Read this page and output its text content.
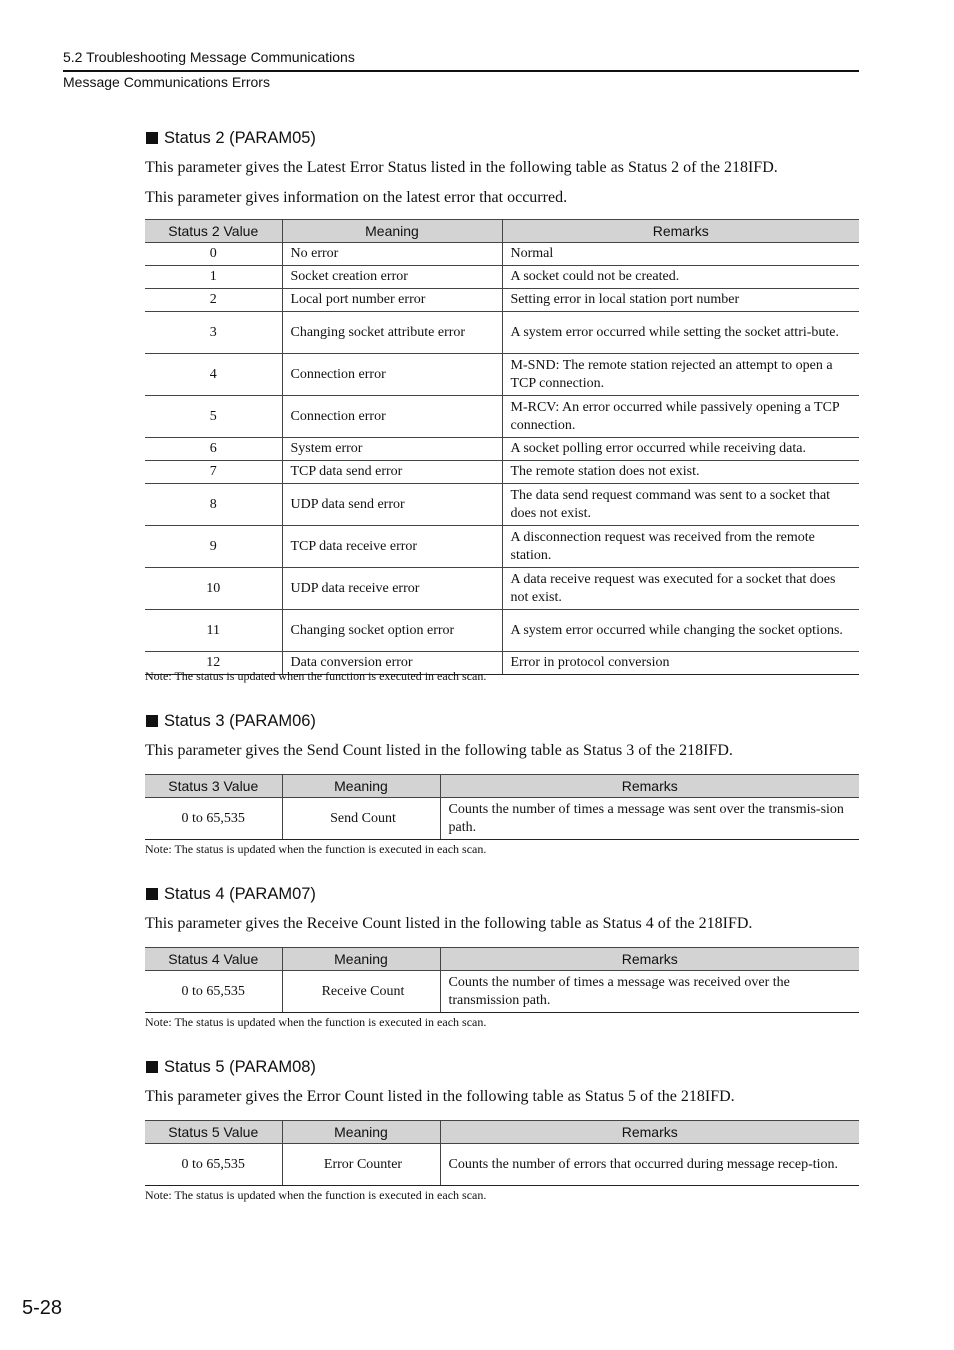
5.2 Troubleshooting Message Communications
Message Communications Errors
Status 2 (PARAM05)
This parameter gives the Latest Error Status listed in the following table as Status 2 of the 218IFD.
This parameter gives information on the latest error that occurred.
Status 2 Value	Meaning	Remarks
0	No error	Normal
1	Socket creation error	A socket could not be created.
2	Local port number error	Setting error in local station port number
3	Changing socket attribute error	A system error occurred while setting the socket attri-bute.
4	Connection error	M-SND: The remote station rejected an attempt to open a TCP connection.
5	Connection error	M-RCV: An error occurred while passively opening a TCP connection.
6	System error	A socket polling error occurred while receiving data.
7	TCP data send error	The remote station does not exist.
8	UDP data send error	The data send request command was sent to a socket that does not exist.
9	TCP data receive error	A disconnection request was received from the remote station.
10	UDP data receive error	A data receive request was executed for a socket that does not exist.
11	Changing socket option error	A system error occurred while changing the socket options.
12	Data conversion error	Error in protocol conversion
Note: The status is updated when the function is executed in each scan.
Status 3 (PARAM06)
This parameter gives the Send Count listed in the following table as Status 3 of the 218IFD.
Status 3 Value	Meaning	Remarks
0 to 65,535	Send Count	Counts the number of times a message was sent over the transmis-sion path.
Note: The status is updated when the function is executed in each scan.
Status 4 (PARAM07)
This parameter gives the Receive Count listed in the following table as Status 4 of the 218IFD.
Status 4 Value	Meaning	Remarks
0 to 65,535	Receive Count	Counts the number of times a message was received over the transmission path.
Note: The status is updated when the function is executed in each scan.
Status 5 (PARAM08)
This parameter gives the Error Count listed in the following table as Status 5 of the 218IFD.
Status 5 Value	Meaning	Remarks
0 to 65,535	Error Counter	Counts the number of errors that occurred during message recep-tion.
Note: The status is updated when the function is executed in each scan.
5-28
